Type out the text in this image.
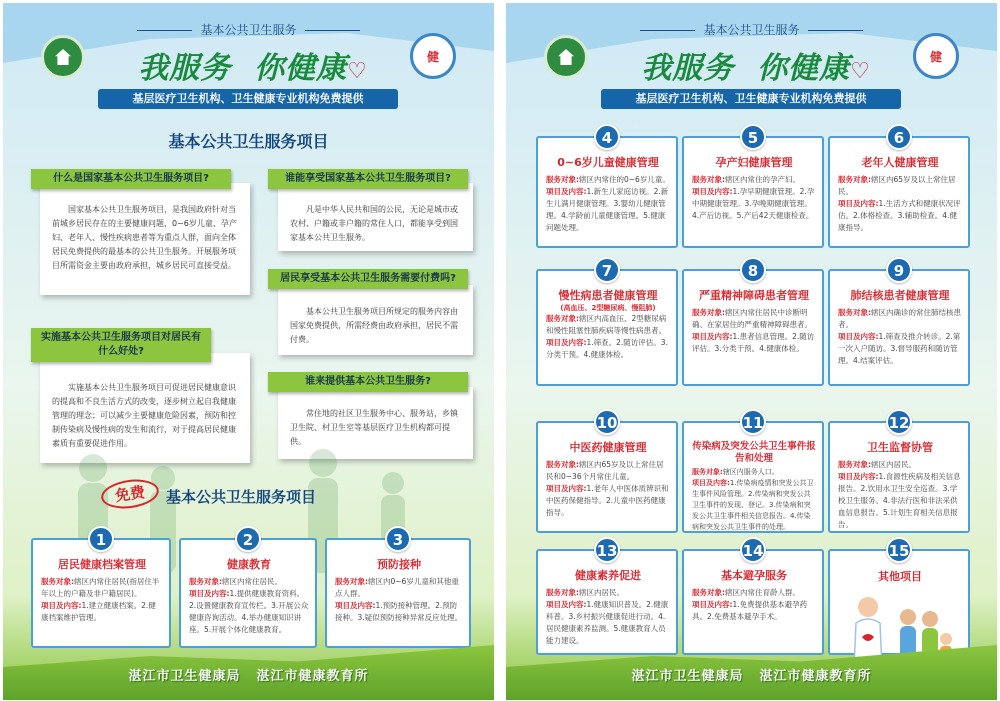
基本公共卫生服务
我服务 你健康♡
健
基层医疗卫生机构、卫生健康专业机构免费提供
基本公共卫生服务项目

国家基本公共卫生服务项目，是我国政府针对当前城乡居民存在的主要健康问题，0~6岁儿童、孕产妇、老年人、慢性疾病患者等为重点人群，面向全体居民免费提供的最基本的公共卫生服务。开展服务项目所需资金主要由政府承担，城乡居民可直接受益。

什么是国家基本公共卫生服务项目?

实施基本公共卫生服务项目可促进居民健康意识的提高和不良生活方式的改变，逐步树立起自我健康管理的理念；可以减少主要健康危险因素，预防和控制传染病及慢性病的发生和流行，对于提高居民健康素质有重要促进作用。

实施基本公共卫生服务项目对居民有什么好处?

凡是中华人民共和国的公民，无论是城市或农村、户籍或非户籍的常住人口，都能享受到国家基本公共卫生服务。

谁能享受国家基本公共卫生服务项目?

基本公共卫生服务项目所规定的服务内容由国家免费提供，所需经费由政府承担，居民不需付费。

居民享受基本公共卫生服务需要付费吗?

常住地的社区卫生服务中心、服务站，乡镇卫生院、村卫生室等基层医疗卫生机构都可提供。

谁来提供基本公共卫生服务?
免费	基本公共卫生服务项目
1
居民健康档案管理
服务对象:辖区内常住居民(指居住半年以上的户籍及非户籍居民)。
项目及内容:1.建立健康档案。2.健康档案维护管理。
2
健康教育
服务对象:辖区内常住居民。
项目及内容:1.提供健康教育资料。2.设置健康教育宣传栏。3.开展公众健康咨询活动。4.举办健康知识讲座。5.开展个体化健康教育。
3
预防接种
服务对象:辖区内0~6岁儿童和其他重点人群。
项目及内容:1.预防接种管理。2.预防接种。3.疑似预防接种异常反应处理。
湛江市卫生健康局 湛江市健康教育所
基本公共卫生服务
我服务 你健康♡
健
基层医疗卫生机构、卫生健康专业机构免费提供
4
0~6岁儿童健康管理
服务对象:辖区内常住的0~6岁儿童。
项目及内容:1.新生儿家庭访视。2.新生儿满月健康管理。3.婴幼儿健康管理。4.学龄前儿童健康管理。5.健康问题处理。
5
孕产妇健康管理
服务对象:辖区内常住的孕产妇。
项目及内容:1.孕早期健康管理。2.孕中期健康管理。3.孕晚期健康管理。4.产后访视。5.产后42天健康检查。
6
老年人健康管理
服务对象:辖区内65岁及以上常住居民。
项目及内容:1.生活方式和健康状况评估。2.体格检查。3.辅助检查。4.健康指导。
7
慢性病患者健康管理
(高血压、2型糖尿病、慢阻肺)
服务对象:辖区内高血压、2型糖尿病和慢性阻塞性肺疾病等慢性病患者。
项目及内容:1.筛查。2.随访评估。3.分类干预。4.健康体检。
8
严重精神障碍患者管理
服务对象:辖区内常住居民中诊断明确、在家居住的严重精神障碍患者。
项目及内容:1.患者信息管理。2.随访评估。3.分类干预。4.健康体检。
9
肺结核患者健康管理
服务对象:辖区内确诊的常住肺结核患者。
项目及内容:1.筛查及推介转诊。2.第一次入户随访。3.督导服药和随访管理。4.结案评估。
10
中医药健康管理
服务对象:辖区内65岁及以上常住居民和0~36个月常住儿童。
项目及内容:1.老年人中医体质辨识和中医药保健指导。2.儿童中医药健康指导。
11
传染病及突发公共卫生事件报告和处理
服务对象:辖区内服务人口。
项目及内容:1.传染病疫情和突发公共卫生事件风险管理。2.传染病和突发公共卫生事件的发现、登记。3.传染病和突发公共卫生事件相关信息报告。4.传染病和突发公共卫生事件的处理。
12
卫生监督协管
服务对象:辖区内居民。
项目及内容:1.食源性疾病及相关信息报告。2.饮用水卫生安全巡查。3.学校卫生服务。4.非法行医和非法采供血信息报告。5.计划生育相关信息报告。
13
健康素养促进
服务对象:辖区内居民。
项目及内容:1.健康知识普及。2.健康科普。3.乡村振兴健康促进行动。4.居民健康素养监测。5.健康教育人员能力建设。
14
基本避孕服务
服务对象:辖区内常住育龄人群。
项目及内容:1.免费提供基本避孕药具。2.免费基本避孕手术。
15
其他项目
湛江市卫生健康局 湛江市健康教育所
